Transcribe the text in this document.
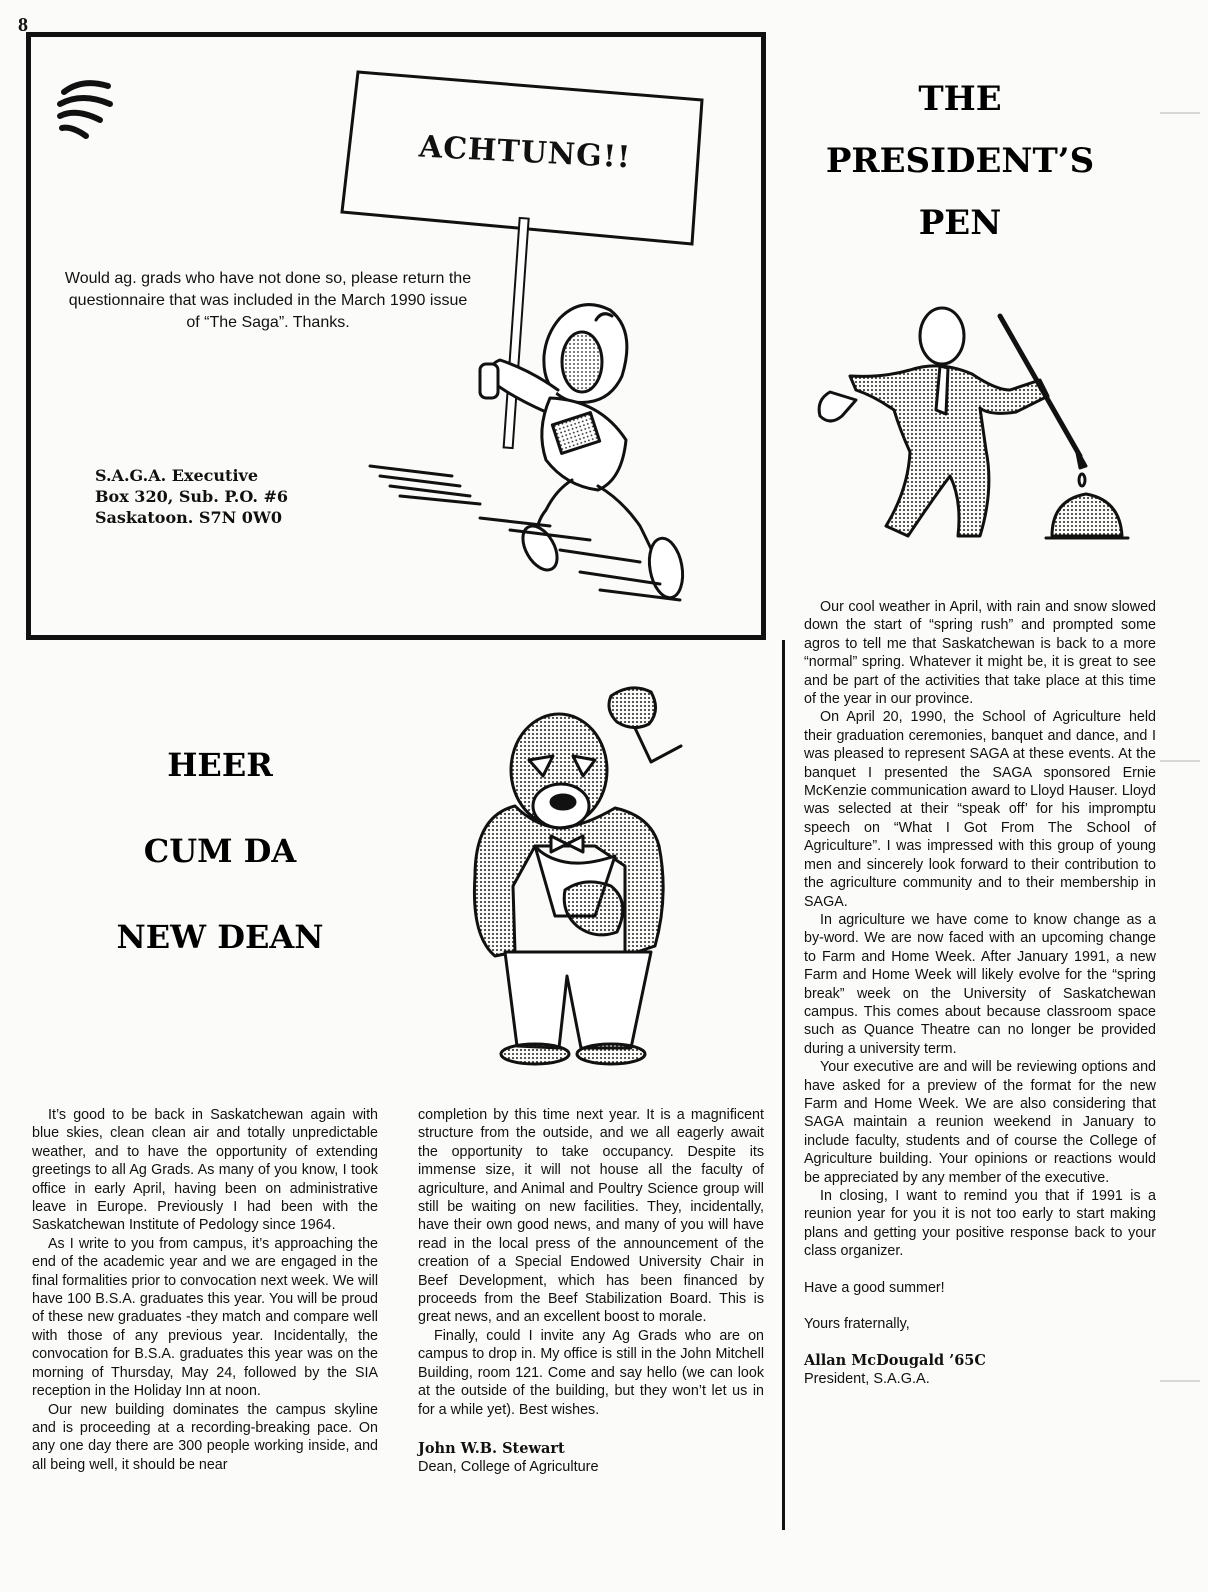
8
ACHTUNG!!
Would ag. grads who have not done so, please return the questionnaire that was included in the March 1990 issue of “The Saga”. Thanks.
S.A.G.A. Executive
Box 320, Sub. P.O. #6
Saskatoon. S7N 0W0

THE

PRESIDENT’S

PEN

Our cool weather in April, with rain and snow slowed down the start of “spring rush” and prompted some agros to tell me that Saskatchewan is back to a more “normal” spring. Whatever it might be, it is great to see and be part of the activities that take place at this time of the year in our province.

On April 20, 1990, the School of Agriculture held their graduation ceremonies, banquet and dance, and I was pleased to represent SAGA at these events. At the banquet I presented the SAGA sponsored Ernie McKenzie communication award to Lloyd Hauser. Lloyd was selected at their “speak off’ for his impromptu speech on “What I Got From The School of Agriculture”. I was impressed with this group of young men and sincerely look forward to their contribution to the agriculture community and to their membership in SAGA.

In agriculture we have come to know change as a by-word. We are now faced with an upcoming change to Farm and Home Week. After January 1991, a new Farm and Home Week will likely evolve for the “spring break” week on the University of Saskatchewan campus. This comes about because classroom space such as Quance Theatre can no longer be provided during a university term.

Your executive are and will be reviewing options and have asked for a preview of the format for the new Farm and Home Week. We are also considering that SAGA maintain a reunion weekend in January to include faculty, students and of course the College of Agriculture building. Your opinions or reactions would be appreciated by any member of the executive.

In closing, I want to remind you that if 1991 is a reunion year for you it is not too early to start making plans and getting your positive response back to your class organizer.

Have a good summer!

Yours fraternally,

Allan McDougald ’65C

President, S.A.G.A.

HEER

CUM DA

NEW DEAN

It’s good to be back in Saskatchewan again with blue skies, clean clean air and totally unpredictable weather, and to have the opportunity of extending greetings to all Ag Grads. As many of you know, I took office in early April, having been on administrative leave in Europe. Previously I had been with the Saskatchewan Institute of Pedology since 1964.

As I write to you from campus, it’s approaching the end of the academic year and we are engaged in the final formalities prior to convocation next week. We will have 100 B.S.A. graduates this year. You will be proud of these new graduates -they match and compare well with those of any previous year. Incidentally, the convocation for B.S.A. graduates this year was on the morning of Thursday, May 24, followed by the SIA reception in the Holiday Inn at noon.

Our new building dominates the campus skyline and is proceeding at a recording-breaking pace. On any one day there are 300 people working inside, and all being well, it should be near

completion by this time next year. It is a magnificent structure from the outside, and we all eagerly await the opportunity to take occupancy. Despite its immense size, it will not house all the faculty of agriculture, and Animal and Poultry Science group will still be waiting on new facilities. They, incidentally, have their own good news, and many of you will have read in the local press of the announcement of the creation of a Special Endowed University Chair in Beef Development, which has been financed by proceeds from the Beef Stabilization Board. This is great news, and an excellent boost to morale.

Finally, could I invite any Ag Grads who are on campus to drop in. My office is still in the John Mitchell Building, room 121. Come and say hello (we can look at the outside of the building, but they won’t let us in for a while yet). Best wishes.

John W.B. Stewart

Dean, College of Agriculture
